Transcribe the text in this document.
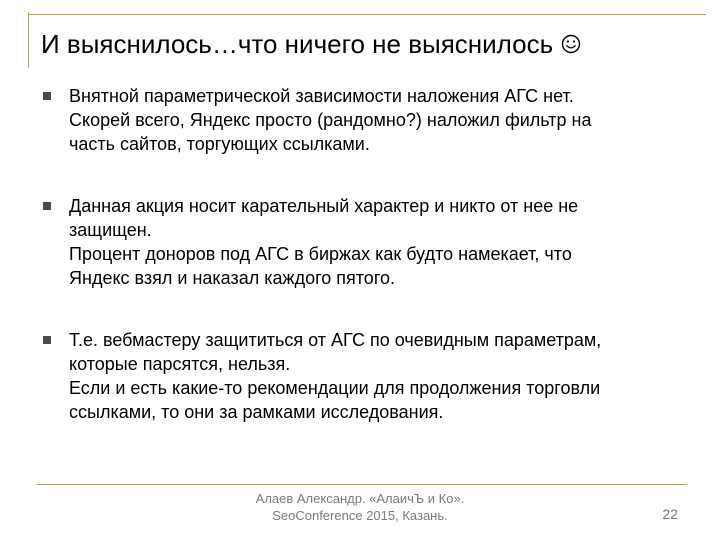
И выяснилось…что ничего не выяснилось

Внятной параметрической зависимости наложения АГС нет.

Скорей всего, Яндекс просто (рандомно?) наложил фильтр на

часть сайтов, торгующих ссылками.

Данная акция носит карательный характер и никто от нее не

защищен.

Процент доноров под АГС в биржах как будто намекает, что

Яндекс взял и наказал каждого пятого.

Т.е. вебмастеру защититься от АГС по очевидным параметрам,

которые парсятся, нельзя.

Если и есть какие-то рекомендации для продолжения торговли

ссылками, то они за рамками исследования.

Алаев Александр. «АлаичЪ и Ко».
SeoConference 2015, Казань.	22
